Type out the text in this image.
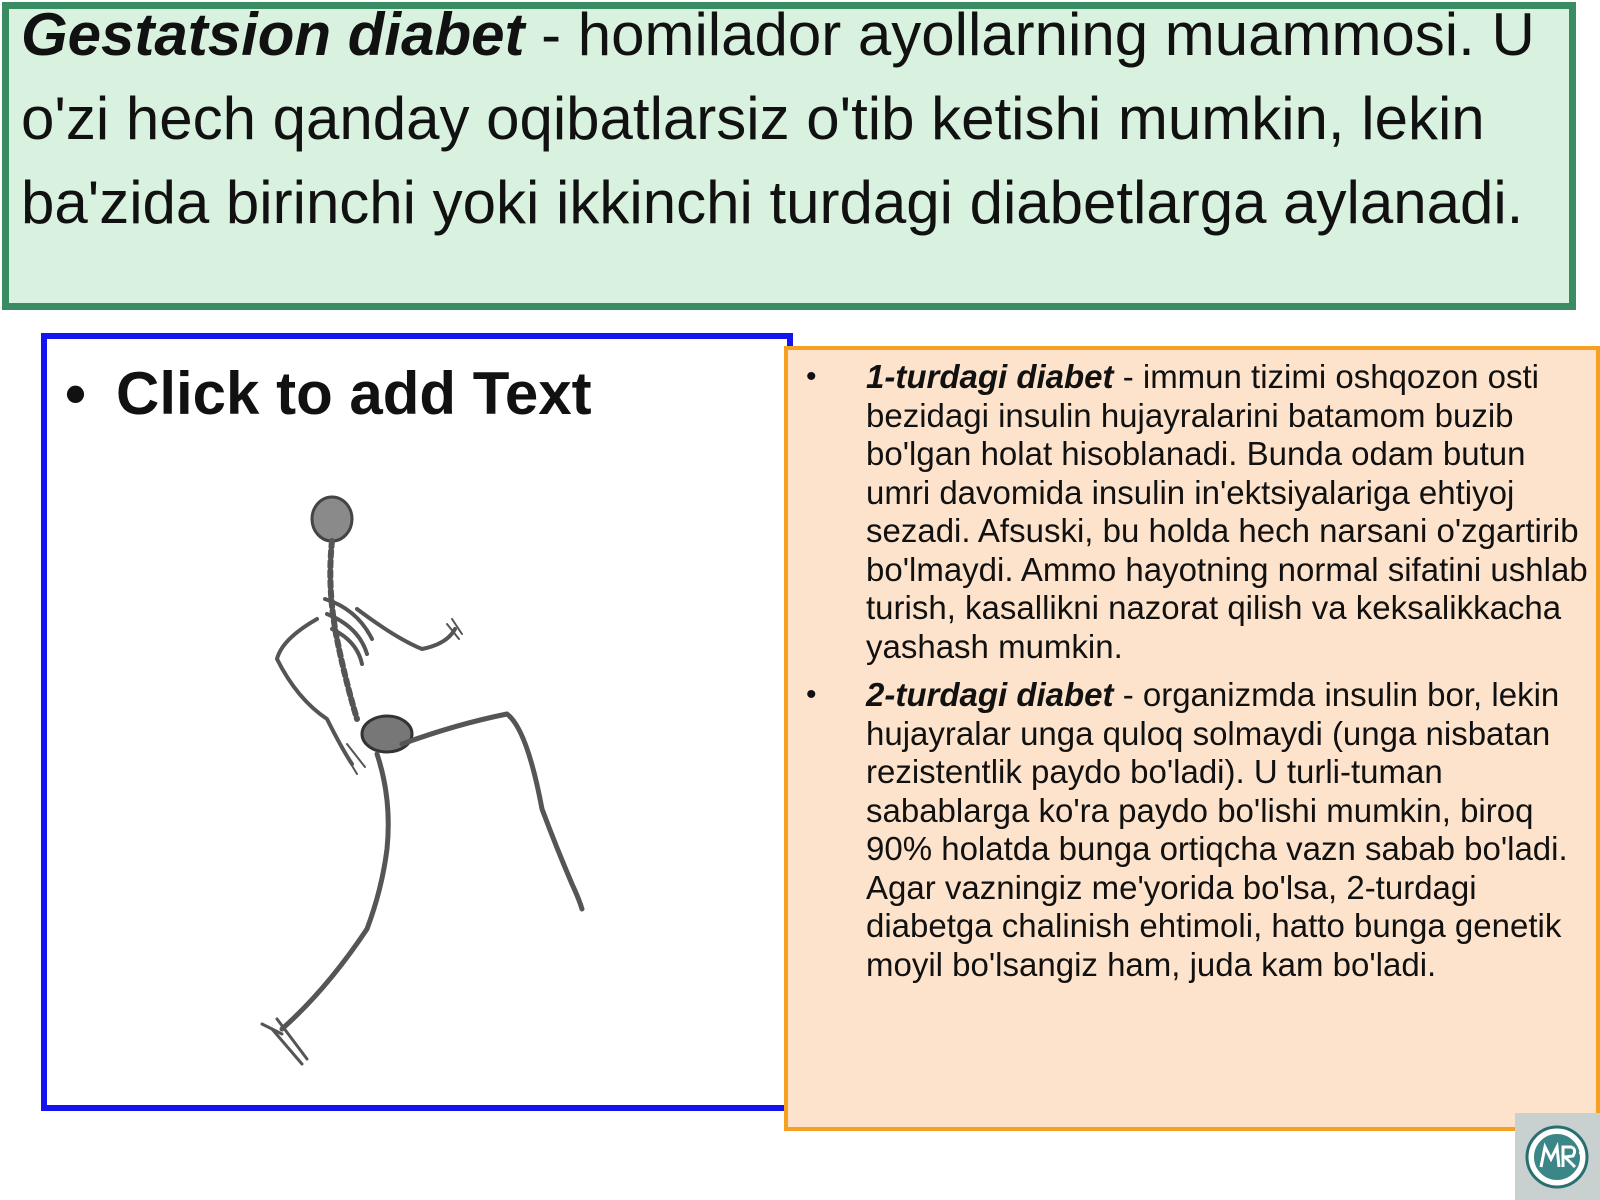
Gestatsion diabet - homilador ayollarning muammosi. U o'zi hech qanday oqibatlarsiz o'tib ketishi mumkin, lekin ba'zida birinchi yoki ikkinchi turdagi diabetlarga aylanadi.

• Click to add Text	• 1-turdagi diabet - immun tizimi oshqozon osti bezidagi insulin hujayralarini batamom buzib bo'lgan holat hisoblanadi. Bunda odam butun umri davomida insulin in'ektsiyalariga ehtiyoj sezadi. Afsuski, bu holda hech narsani o'zgartirib bo'lmaydi. Ammo hayotning normal sifatini ushlab turish, kasallikni nazorat qilish va keksalikkacha yashash mumkin.
• 2-turdagi diabet - organizmda insulin bor, lekin hujayralar unga quloq solmaydi (unga nisbatan rezistentlik paydo bo'ladi). U turli-tuman sabablarga ko'ra paydo bo'lishi mumkin, biroq 90% holatda bunga ortiqcha vazn sabab bo'ladi. Agar vazningiz me'yorida bo'lsa, 2-turdagi diabetga chalinish ehtimoli, hatto bunga genetik moyil bo'lsangiz ham, juda kam bo'ladi.
